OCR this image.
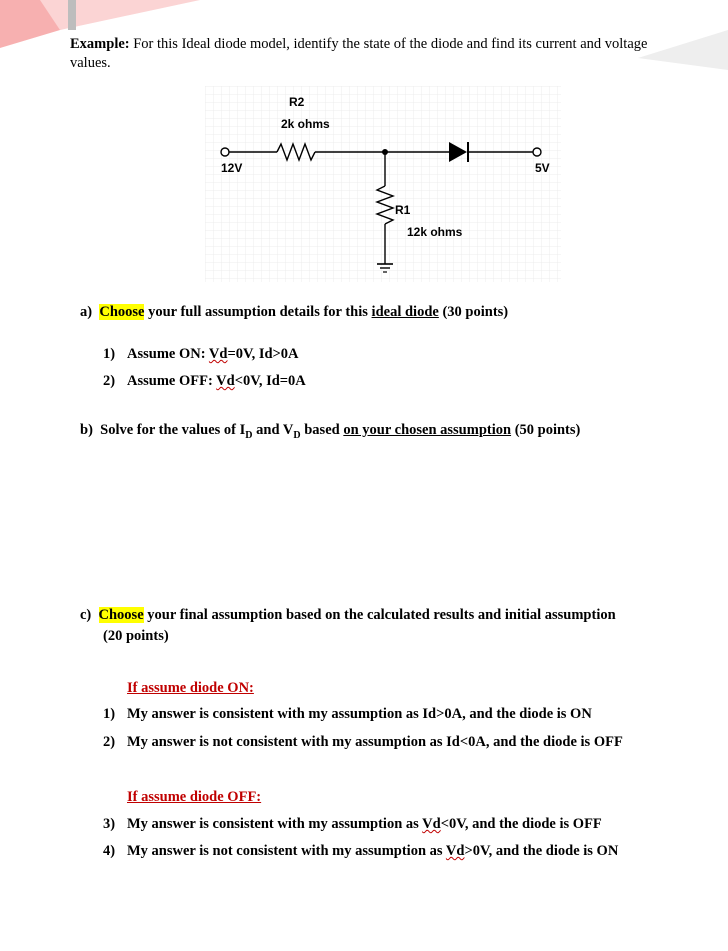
Example: For this Ideal diode model, identify the state of the diode and find its current and voltage values.
R2
2k ohms
12V	5V
R1
12k ohms
a) Choose your full assumption details for this ideal diode (30 points)
1) Assume ON: Vd=0V, Id>0A
2) Assume OFF: Vd<0V, Id=0A
b) Solve for the values of $I_D$ and $V_D$ based on your chosen assumption (50 points)
c) Choose your final assumption based on the calculated results and initial assumption
(20 points)
If assume diode ON:
1) My answer is consistent with my assumption as Id>0A, and the diode is ON
2) My answer is not consistent with my assumption as Id<0A, and the diode is OFF
If assume diode OFF:
3) My answer is consistent with my assumption as Vd<0V, and the diode is OFF
4) My answer is not consistent with my assumption as Vd>0V, and the diode is ON
